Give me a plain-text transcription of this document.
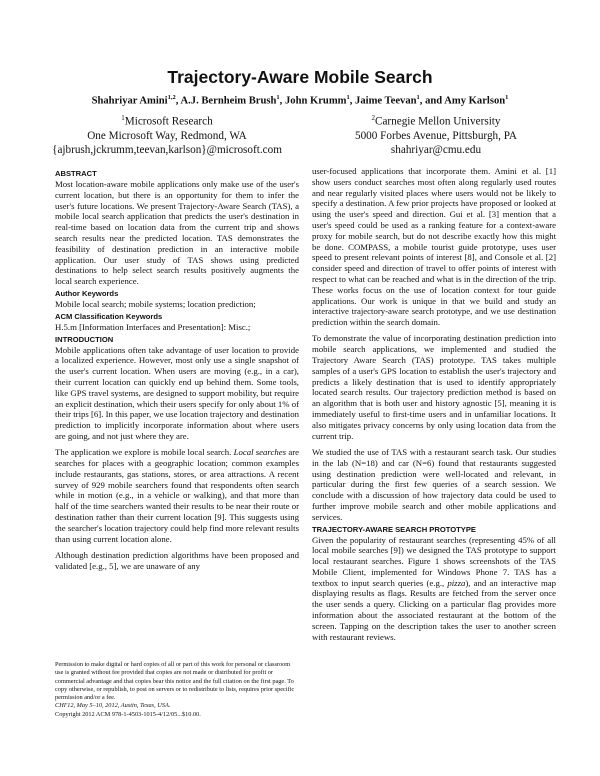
Trajectory-Aware Mobile Search
Shahriyar Amini$^{1,2}$, A.J. Bernheim Brush$^1$, John Krumm$^1$, Jaime Teevan$^1$, and Amy Karlson$^1$
$^1$Microsoft Research
One Microsoft Way, Redmond, WA
{ajbrush,jckrumm,teevan,karlson}@microsoft.com
$^2$Carnegie Mellon University
5000 Forbes Avenue, Pittsburgh, PA
shahriyar@cmu.edu
ABSTRACT

Most location-aware mobile applications only make use of the user's current location, but there is an opportunity for them to infer the user's future locations. We present Trajectory-Aware Search (TAS), a mobile local search application that predicts the user's destination in real-time based on location data from the current trip and shows search results near the predicted location. TAS demonstrates the feasibility of destination prediction in an interactive mobile application. Our user study of TAS shows using predicted destinations to help select search results positively augments the local search experience.

Author Keywords

Mobile local search; mobile systems; location prediction;

ACM Classification Keywords

H.5.m [Information Interfaces and Presentation]: Misc.;

INTRODUCTION

Mobile applications often take advantage of user location to provide a localized experience. However, most only use a single snapshot of the user's current location. When users are moving (e.g., in a car), their current location can quickly end up behind them. Some tools, like GPS travel systems, are designed to support mobility, but require an explicit destination, which their users specify for only about 1% of their trips [6]. In this paper, we use location trajectory and destination prediction to implicitly incorporate information about where users are going, and not just where they are.

The application we explore is mobile local search. Local searches are searches for places with a geographic location; common examples include restaurants, gas stations, stores, or area attractions. A recent survey of 929 mobile searchers found that respondents often search while in motion (e.g., in a vehicle or walking), and that more than half of the time searchers wanted their results to be near their route or destination rather than their current location [9]. This suggests using the searcher's location trajectory could help find more relevant results than using current location alone.

Although destination prediction algorithms have been proposed and validated [e.g., 5], we are unaware of any

Permission to make digital or hard copies of all or part of this work for personal or classroom use is granted without fee provided that copies are not made or distributed for profit or commercial advantage and that copies bear this notice and the full citation on the first page. To copy otherwise, or republish, to post on servers or to redistribute to lists, requires prior specific permission and/or a fee.
CHI'12, May 5–10, 2012, Austin, Texas, USA.
Copyright 2012 ACM 978-1-4503-1015-4/12/05...$10.00.

user-focused applications that incorporate them. Amini et al. [1] show users conduct searches most often along regularly used routes and near regularly visited places where users would not be likely to specify a destination. A few prior projects have proposed or looked at using the user's speed and direction. Gui et al. [3] mention that a user's speed could be used as a ranking feature for a context-aware proxy for mobile search, but do not describe exactly how this might be done. COMPASS, a mobile tourist guide prototype, uses user speed to present relevant points of interest [8], and Console et al. [2] consider speed and direction of travel to offer points of interest with respect to what can be reached and what is in the direction of the trip. These works focus on the use of location context for tour guide applications. Our work is unique in that we build and study an interactive trajectory-aware search prototype, and we use destination prediction within the search domain.

To demonstrate the value of incorporating destination prediction into mobile search applications, we implemented and studied the Trajectory Aware Search (TAS) prototype. TAS takes multiple samples of a user's GPS location to establish the user's trajectory and predicts a likely destination that is used to identify appropriately located search results. Our trajectory prediction method is based on an algorithm that is both user and history agnostic [5], meaning it is immediately useful to first-time users and in unfamiliar locations. It also mitigates privacy concerns by only using location data from the current trip.

We studied the use of TAS with a restaurant search task. Our studies in the lab (N=18) and car (N=6) found that restaurants suggested using destination prediction were well-located and relevant, in particular during the first few queries of a search session. We conclude with a discussion of how trajectory data could be used to further improve mobile search and other mobile applications and services.

TRAJECTORY-AWARE SEARCH PROTOTYPE

Given the popularity of restaurant searches (representing 45% of all local mobile searches [9]) we designed the TAS prototype to support local restaurant searches. Figure 1 shows screenshots of the TAS Mobile Client, implemented for Windows Phone 7. TAS has a textbox to input search queries (e.g., pizza), and an interactive map displaying results as flags. Results are fetched from the server once the user sends a query. Clicking on a particular flag provides more information about the associated restaurant at the bottom of the screen. Tapping on the description takes the user to another screen with restaurant reviews.
